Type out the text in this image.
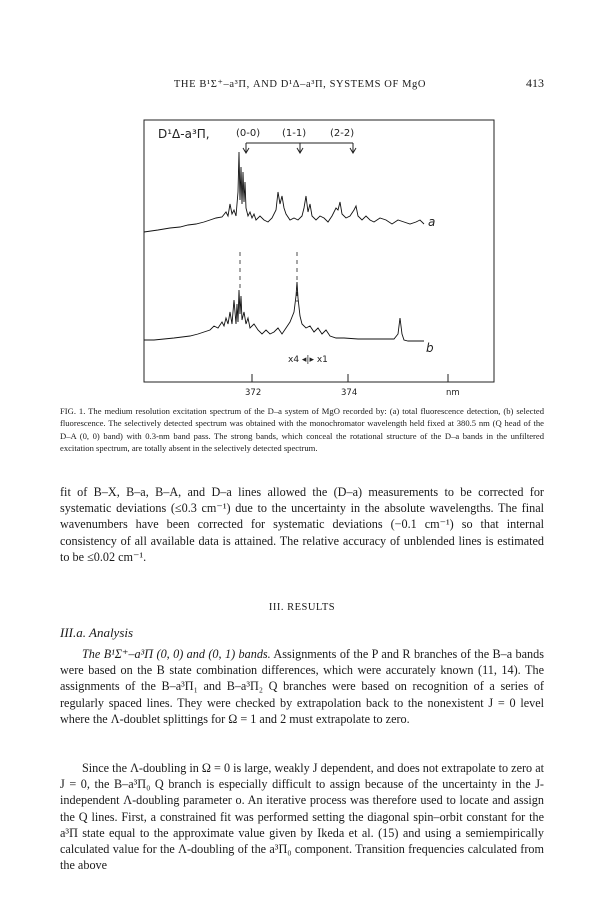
THE B¹Σ⁺–a³Π, AND D¹Δ–a³Π, SYSTEMS OF MgO	413
D¹Δ-a³Π,	(0-0) (1-1) (2-2)
a
b
x4 ◂|▸ x1
372	374	nm
FIG. 1. The medium resolution excitation spectrum of the D–a system of MgO recorded by: (a) total fluorescence detection, (b) selected fluorescence. The selectively detected spectrum was obtained with the monochromator wavelength held fixed at 380.5 nm (Q head of the D–A (0, 0) band) with 0.3-nm band pass. The strong bands, which conceal the rotational structure of the D–a bands in the unfiltered excitation spectrum, are totally absent in the selectively detected spectrum.
fit of B–X, B–a, B–A, and D–a lines allowed the (D–a) measurements to be corrected for systematic deviations (≤0.3 cm⁻¹) due to the uncertainty in the absolute wavelengths. The final wavenumbers have been corrected for systematic deviations (−0.1 cm⁻¹) so that internal consistency of all available data is attained. The relative accuracy of unblended lines is estimated to be ≤0.02 cm⁻¹.
III. RESULTS
III.a. Analysis
The B¹Σ⁺–a³Π (0, 0) and (0, 1) bands. Assignments of the P and R branches of the B–a bands were based on the B state combination differences, which were accurately known (11, 14). The assignments of the B–a³Π₁ and B–a³Π₂ Q branches were based on recognition of a series of regularly spaced lines. They were checked by extrapolation back to the nonexistent J = 0 level where the Λ-doublet splittings for Ω = 1 and 2 must extrapolate to zero.
Since the Λ-doubling in Ω = 0 is large, weakly J dependent, and does not extrapolate to zero at J = 0, the B–a³Π₀ Q branch is especially difficult to assign because of the uncertainty in the J-independent Λ-doubling parameter o. An iterative process was therefore used to locate and assign the Q lines. First, a constrained fit was performed setting the diagonal spin–orbit constant for the a³Π state equal to the approximate value given by Ikeda et al. (15) and using a semiempirically calculated value for the Λ-doubling of the a³Π₀ component. Transition frequencies calculated from the above
